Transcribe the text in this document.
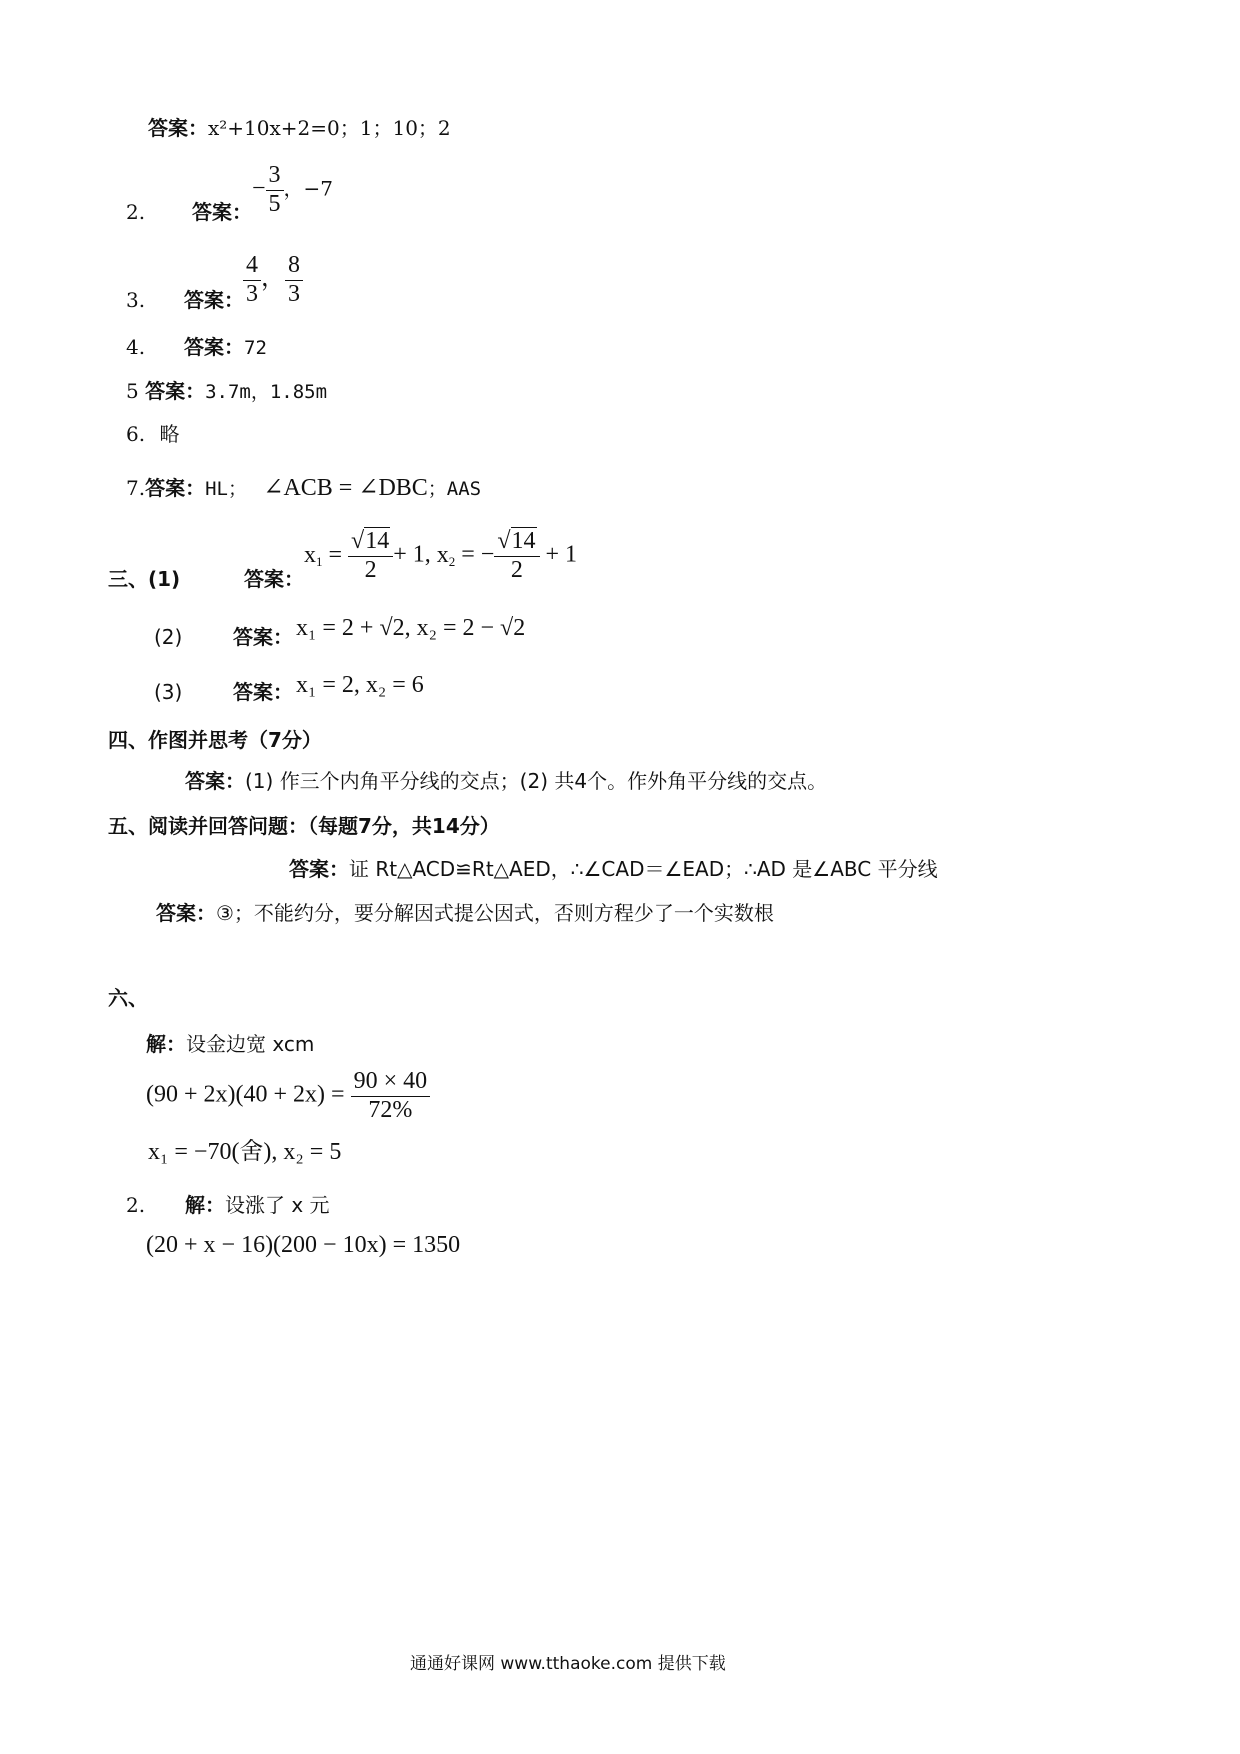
答案：x²+10x+2=0；1；10；2
2. 答案：
− $\frac{3}{5}$ ，−7
3. 答案： $\frac{4}{3}$ ， $\frac{8}{3}$
4. 答案：72
5 答案：3.7m，1.85m
6. 略
7.答案：HL； ∠ACB = ∠DBC；AAS
三、(1)	答案：
$x_1 = \frac{√14}{2} + 1$, $x_2$ = − $\frac{√14}{2} + 1$
(2)	答案： x₁ = 2 + √2, x₂ = 2 − √2
(3)	答案： x₁ = 2, x₂ = 6
四、作图并思考（7分）
答案：(1) 作三个内角平分线的交点；(2) 共4个。作外角平分线的交点。
五、阅读并回答问题：（每题7分，共14分）
答案：证 Rt△ACD≌Rt△AED，∴∠CAD＝∠EAD；∴AD 是∠ABC 平分线
答案：③；不能约分，要分解因式提公因式，否则方程少了一个实数根
六、
解：设金边宽 xcm
$(90 + 2x)(40 + 2x) = \frac{90 \times 40}{72\%}$
x₁ = −70(舍), x₂ = 5
2. 解：设涨了 x 元
(20 + x − 16)(200 − 10x) = 1350
通通好课网 www.tthaoke.com 提供下载
